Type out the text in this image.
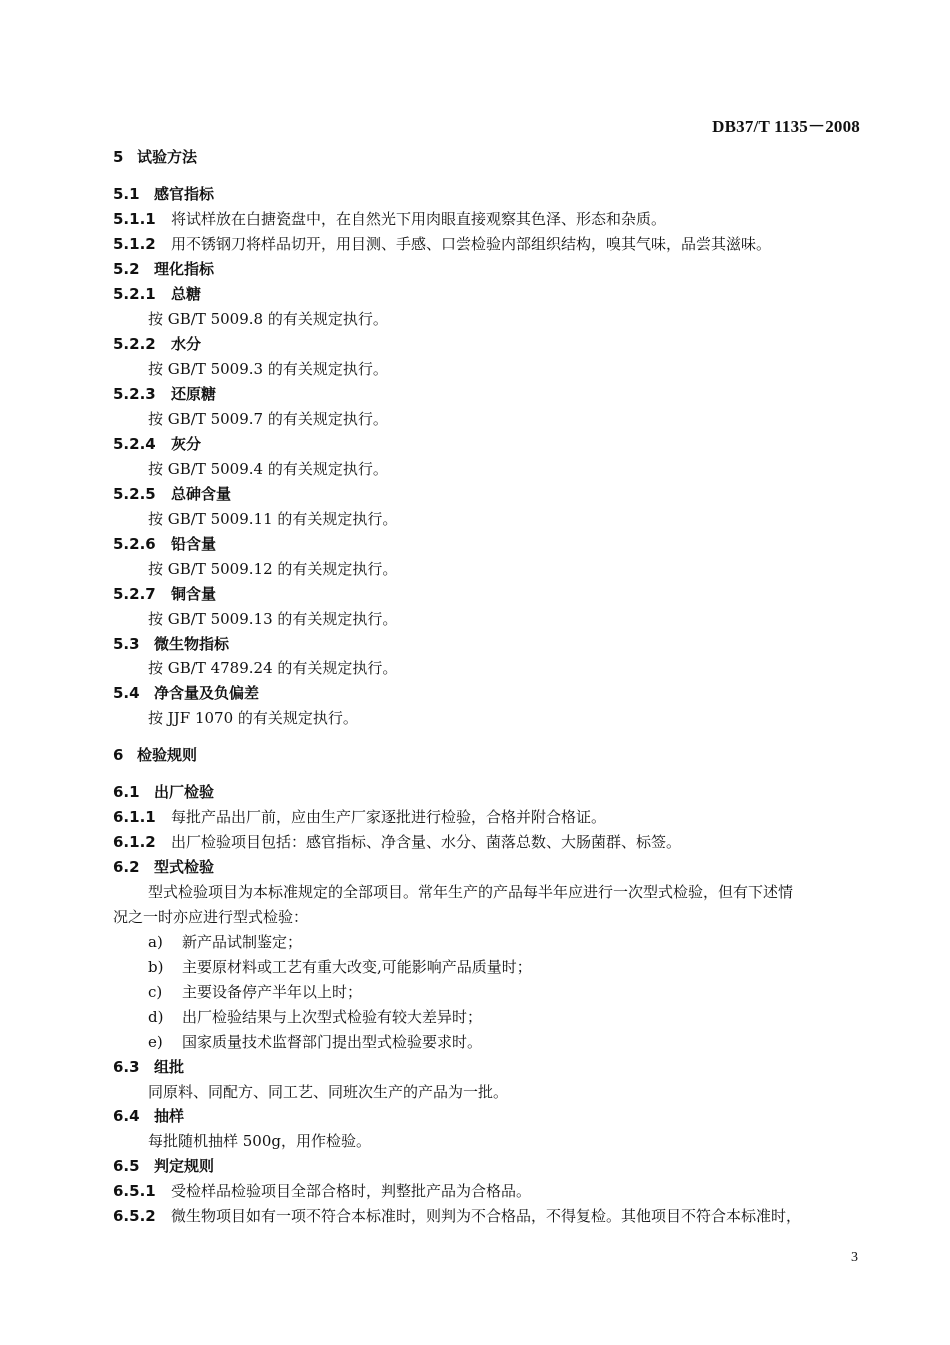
DB37/T 1135－2008
5 试验方法
5.1 感官指标
5.1.1 将试样放在白搪瓷盘中，在自然光下用肉眼直接观察其色泽、形态和杂质。
5.1.2 用不锈钢刀将样品切开，用目测、手感、口尝检验内部组织结构，嗅其气味，品尝其滋味。
5.2 理化指标
5.2.1 总糖
按 GB/T 5009.8 的有关规定执行。
5.2.2 水分
按 GB/T 5009.3 的有关规定执行。
5.2.3 还原糖
按 GB/T 5009.7 的有关规定执行。
5.2.4 灰分
按 GB/T 5009.4 的有关规定执行。
5.2.5 总砷含量
按 GB/T 5009.11 的有关规定执行。
5.2.6 铅含量
按 GB/T 5009.12 的有关规定执行。
5.2.7 铜含量
按 GB/T 5009.13 的有关规定执行。
5.3 微生物指标
按 GB/T 4789.24 的有关规定执行。
5.4 净含量及负偏差
按 JJF 1070 的有关规定执行。
6 检验规则
6.1 出厂检验
6.1.1 每批产品出厂前，应由生产厂家逐批进行检验，合格并附合格证。
6.1.2 出厂检验项目包括：感官指标、净含量、水分、菌落总数、大肠菌群、标签。
6.2 型式检验
型式检验项目为本标准规定的全部项目。常年生产的产品每半年应进行一次型式检验，但有下述情
况之一时亦应进行型式检验：
a) 新产品试制鉴定；
b) 主要原材料或工艺有重大改变,可能影响产品质量时；
c) 主要设备停产半年以上时；
d) 出厂检验结果与上次型式检验有较大差异时；
e) 国家质量技术监督部门提出型式检验要求时。
6.3 组批
同原料、同配方、同工艺、同班次生产的产品为一批。
6.4 抽样
每批随机抽样 500g，用作检验。
6.5 判定规则
6.5.1 受检样品检验项目全部合格时，判整批产品为合格品。
6.5.2 微生物项目如有一项不符合本标准时，则判为不合格品，不得复检。其他项目不符合本标准时，
3
